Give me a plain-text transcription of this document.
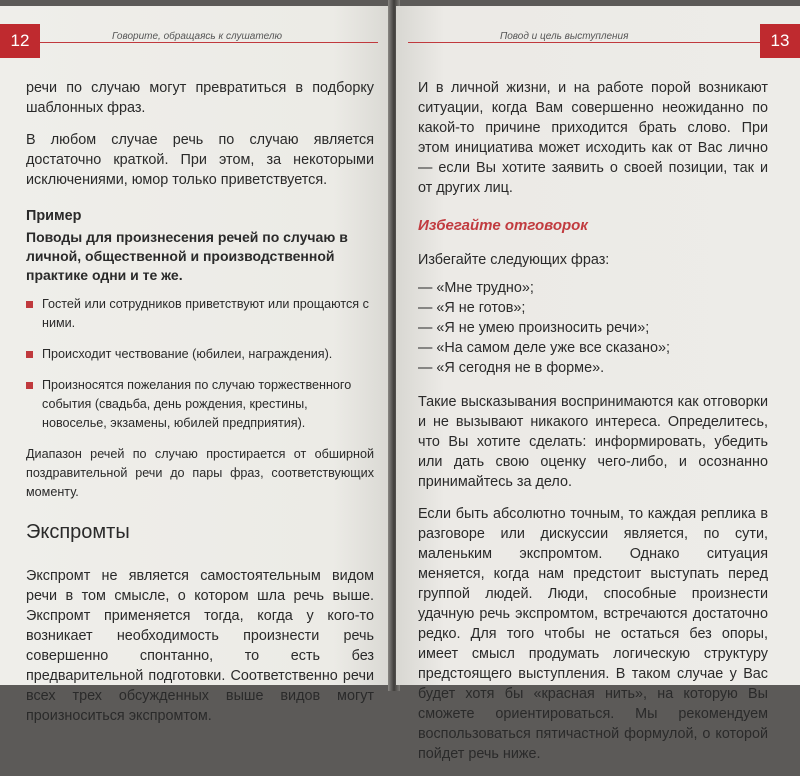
12	Говорите, обращаясь к слушателю

речи по случаю могут превратиться в подборку шаблонных фраз.

В любом случае речь по случаю является достаточно краткой. При этом, за некоторыми исключениями, юмор только приветствуется.

Пример
Поводы для произнесения речей по случаю в личной, общественной и производственной практике одни и те же.
Гостей или сотрудников приветствуют или прощаются с ними.
Происходит чествование (юбилеи, награждения).
Произносятся пожелания по случаю торжественного события (свадьба, день рождения, крестины, новоселье, экзамены, юбилей предприятия).

Диапазон речей по случаю простирается от обширной поздравительной речи до пары фраз, соответствующих моменту.

Экспромты

Экспромт не является самостоятельным видом речи в том смысле, о котором шла речь выше. Экспромт применяется тогда, когда у кого-то возникает необходимость произнести речь совершенно спонтанно, то есть без предварительной подготовки. Соответственно речи всех трех обсужденных выше видов могут произноситься экспромтом.

13
Повод и цель выступления

И в личной жизни, и на работе порой возникают ситуации, когда Вам совершенно неожиданно по какой-то причине приходится брать слово. При этом инициатива может исходить как от Вас лично — если Вы хотите заявить о своей позиции, так и от других лиц.

Избегайте отговорок

Избегайте следующих фраз:

— «Мне трудно»;
— «Я не готов»;
— «Я не умею произносить речи»;
— «На самом деле уже все сказано»;
— «Я сегодня не в форме».

Такие высказывания воспринимаются как отговорки и не вызывают никакого интереса. Определитесь, что Вы хотите сделать: информировать, убедить или дать свою оценку чего-либо, и осознанно принимайтесь за дело.

Если быть абсолютно точным, то каждая реплика в разговоре или дискуссии является, по сути, маленьким экспромтом. Однако ситуация меняется, когда нам предстоит выступать перед группой людей. Люди, способные произнести удачную речь экспромтом, встречаются достаточно редко. Для того чтобы не остаться без опоры, имеет смысл продумать логическую структуру предстоящего выступления. В таком случае у Вас будет хотя бы «красная нить», на которую Вы сможете ориентироваться. Мы рекомендуем воспользоваться пятичастной формулой, о которой пойдет речь ниже.
